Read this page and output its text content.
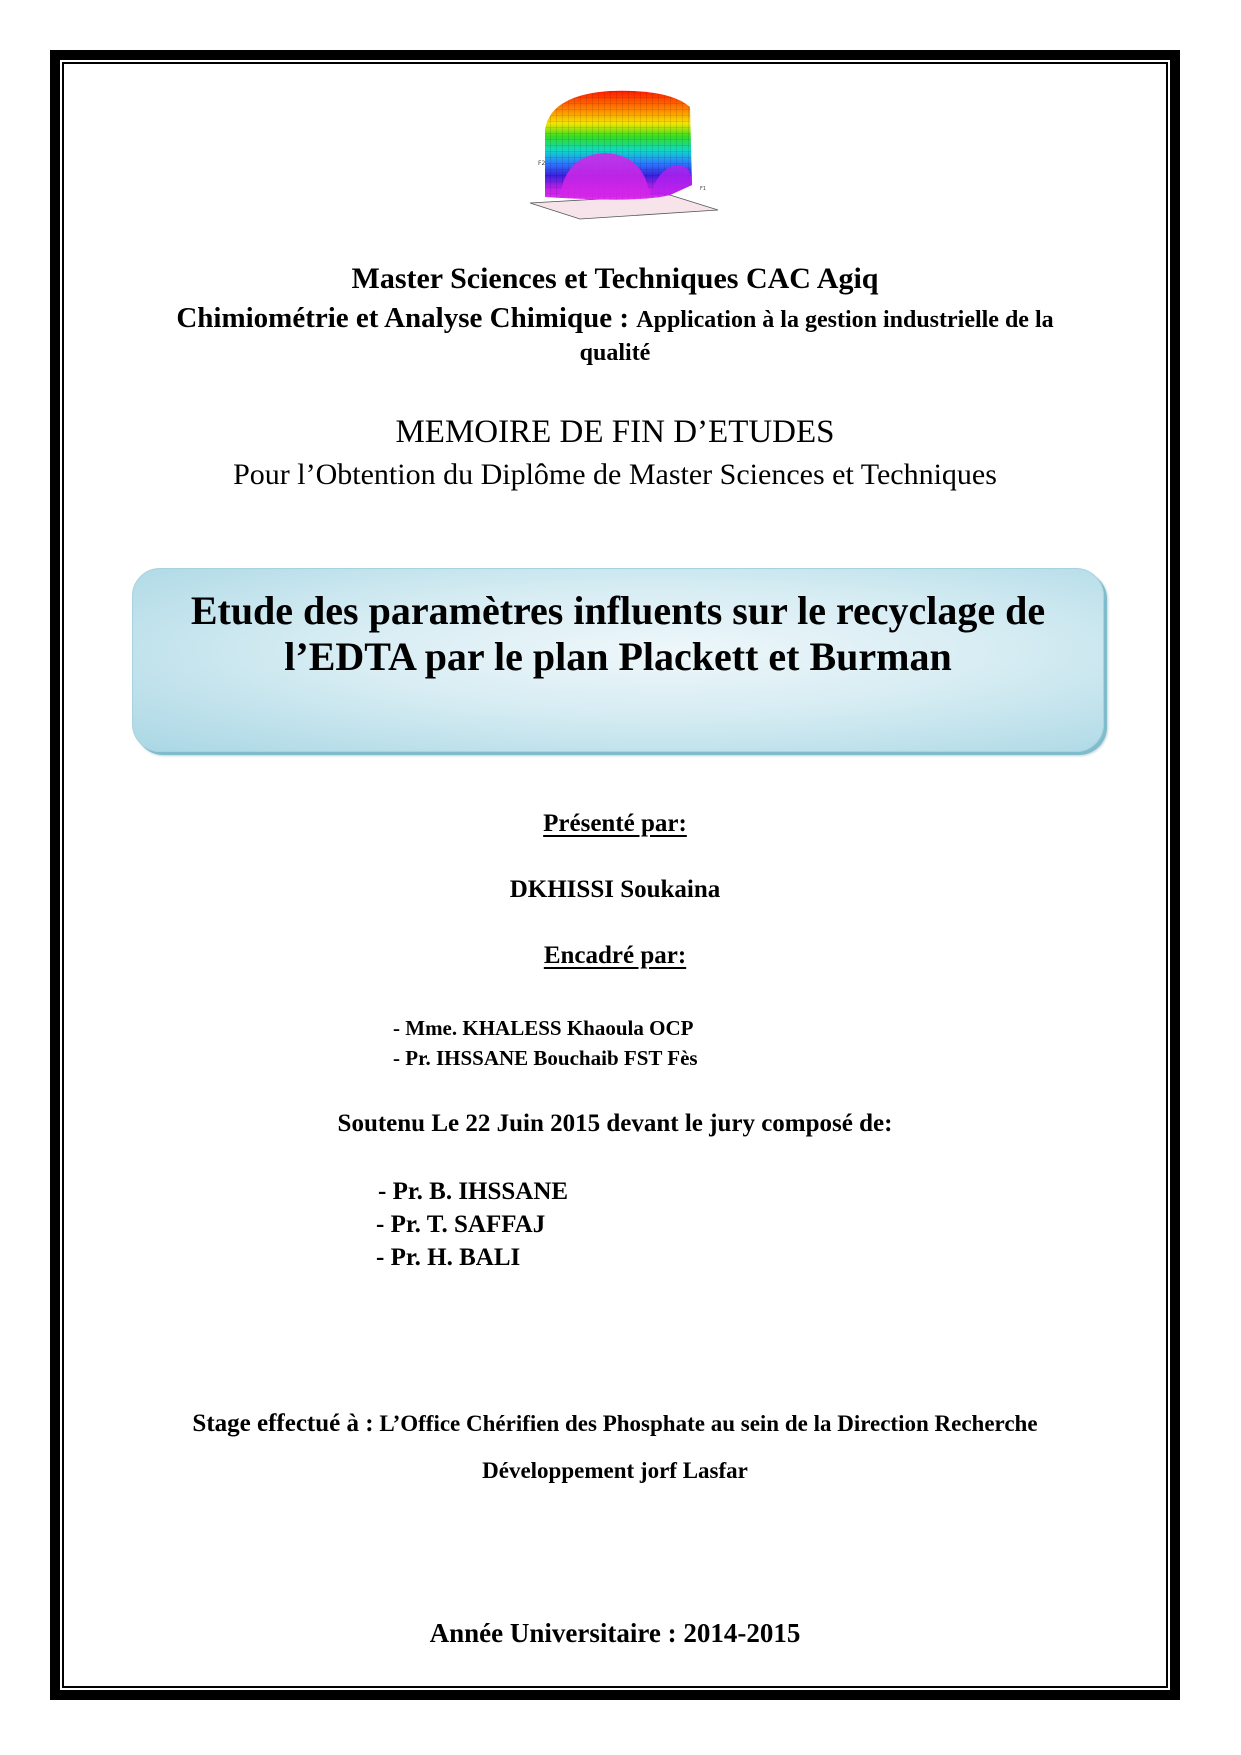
F2
F1
Master Sciences et Techniques CAC Agiq
Chimiométrie et Analyse Chimique : Application à la gestion industrielle de la
qualité
MEMOIRE DE FIN D’ETUDES
Pour l’Obtention du Diplôme de Master Sciences et Techniques
Etude des paramètres influents sur le recyclage de
l’EDTA par le plan Plackett et Burman
Présenté par:
DKHISSI Soukaina
Encadré par:
- Mme. KHALESS Khaoula OCP
- Pr. IHSSANE Bouchaib FST Fès
Soutenu Le 22 Juin 2015 devant le jury composé de:
- Pr. B. IHSSANE
- Pr. T. SAFFAJ
- Pr. H. BALI
Stage effectué à : L’Office Chérifien des Phosphate au sein de la Direction Recherche
Développement jorf Lasfar
Année Universitaire : 2014-2015
